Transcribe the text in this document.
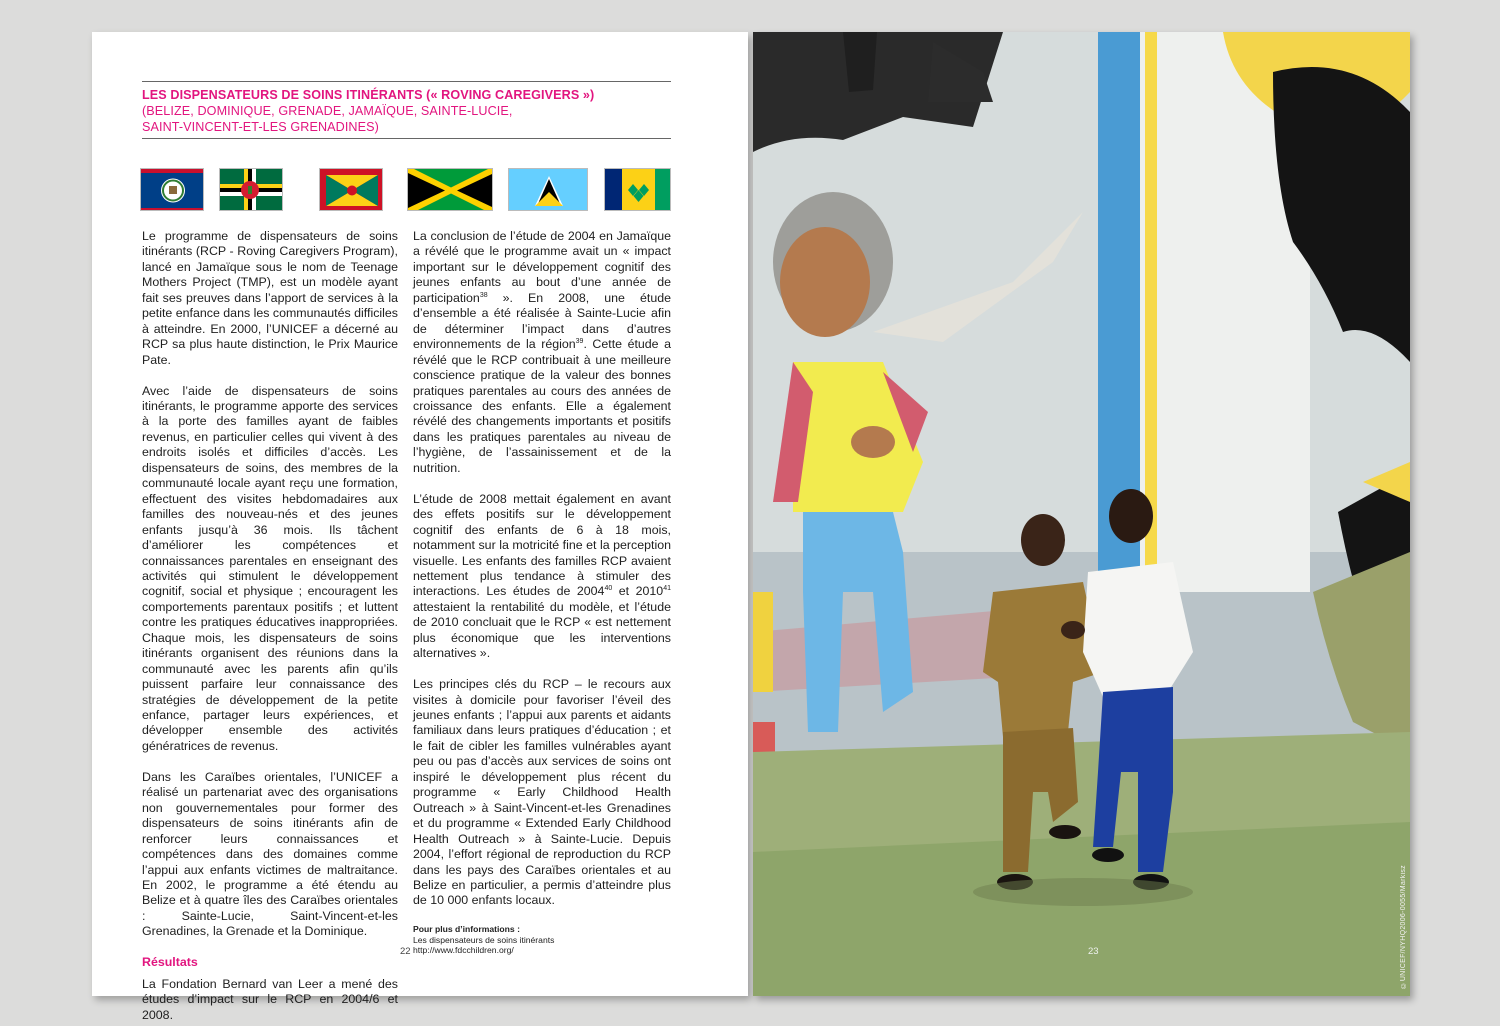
LES DISPENSATEURS DE SOINS ITINÉRANTS (« ROVING CAREGIVERS »)
(BELIZE, DOMINIQUE, GRENADE, JAMAÏQUE, SAINTE-LUCIE,
SAINT-VINCENT-ET-LES GRENADINES)

Le programme de dispensateurs de soins itinérants (RCP - Roving Caregivers Program), lancé en Jamaïque sous le nom de Teenage Mothers Project (TMP), est un modèle ayant fait ses preuves dans l’apport de services à la petite enfance dans les communautés difficiles à atteindre. En 2000, l’UNICEF a décerné au RCP sa plus haute distinction, le Prix Maurice Pate.

Avec l’aide de dispensateurs de soins itinérants, le programme apporte des services à la porte des familles ayant de faibles revenus, en particulier celles qui vivent à des endroits isolés et difficiles d’accès. Les dispensateurs de soins, des membres de la communauté locale ayant reçu une formation, effectuent des visites hebdomadaires aux familles des nouveau-nés et des jeunes enfants jusqu’à 36 mois. Ils tâchent d’améliorer les compétences et connaissances parentales en enseignant des activités qui stimulent le développement cognitif, social et physique ; encouragent les comportements parentaux positifs ; et luttent contre les pratiques éducatives inappropriées. Chaque mois, les dispensateurs de soins itinérants organisent des réunions dans la communauté avec les parents afin qu’ils puissent parfaire leur connaissance des stratégies de développement de la petite enfance, partager leurs expériences, et développer ensemble des activités génératrices de revenus.

Dans les Caraïbes orientales, l’UNICEF a réalisé un partenariat avec des organisations non gouvernementales pour former des dispensateurs de soins itinérants afin de renforcer leurs connaissances et compétences dans des domaines comme l’appui aux enfants victimes de maltraitance. En 2002, le programme a été étendu au Belize et à quatre îles des Caraïbes orientales : Sainte-Lucie, Saint-Vincent-et-les Grenadines, la Grenade et la Dominique.

Résultats

La Fondation Bernard van Leer a mené des études d’impact sur le RCP en 2004/6 et 2008.

La conclusion de l’étude de 2004 en Jamaïque a révélé que le programme avait un « impact important sur le développement cognitif des jeunes enfants au bout d’une année de participation$^{38}$ ». En 2008, une étude d’ensemble a été réalisée à Sainte-Lucie afin de déterminer l’impact dans d’autres environnements de la région$^{39}$. Cette étude a révélé que le RCP contribuait à une meilleure conscience pratique de la valeur des bonnes pratiques parentales au cours des années de croissance des enfants. Elle a également révélé des changements importants et positifs dans les pratiques parentales au niveau de l’hygiène, de l’assainissement et de la nutrition.

L’étude de 2008 mettait également en avant des effets positifs sur le développement cognitif des enfants de 6 à 18 mois, notamment sur la motricité fine et la perception visuelle. Les enfants des familles RCP avaient nettement plus tendance à stimuler des interactions. Les études de 2004$^{40}$ et 2010$^{41}$ attestaient la rentabilité du modèle, et l’étude de 2010 concluait que le RCP « est nettement plus économique que les interventions alternatives ».

Les principes clés du RCP – le recours aux visites à domicile pour favoriser l’éveil des jeunes enfants ; l’appui aux parents et aidants familiaux dans leurs pratiques d’éducation ; et le fait de cibler les familles vulnérables ayant peu ou pas d’accès aux services de soins ont inspiré le développement plus récent du programme « Early Childhood Health Outreach » à Saint-Vincent-et-les Grenadines et du programme « Extended Early Childhood Health Outreach » à Sainte-Lucie. Depuis 2004, l’effort régional de reproduction du RCP dans les pays des Caraïbes orientales et au Belize en particulier, a permis d’atteindre plus de 10 000 enfants locaux.

Pour plus d’informations :
Les dispensateurs de soins itinérants
http://www.fdcchildren.org/
22	23	©UNICEF/NYHQ2006-0055/Markisz
